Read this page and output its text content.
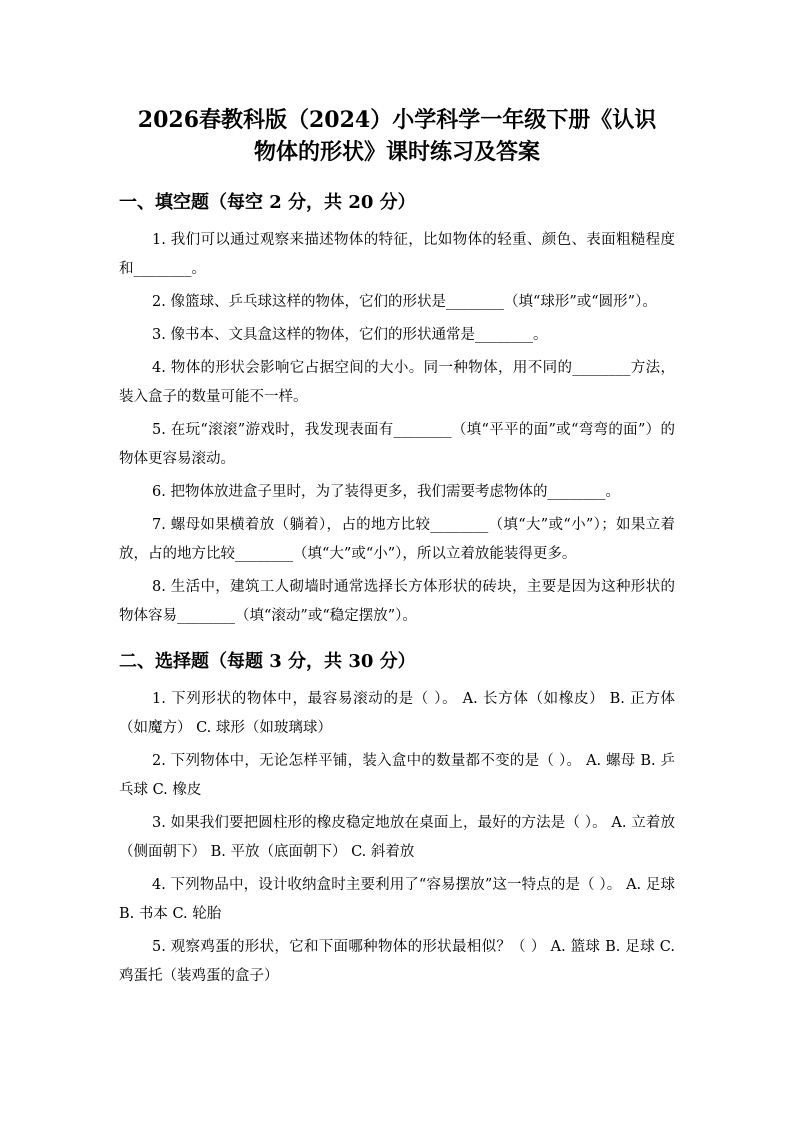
2026春教科版（2024）小学科学一年级下册《认识
物体的形状》课时练习及答案
一、填空题（每空 2 分，共 20 分）

1. 我们可以通过观察来描述物体的特征，比如物体的轻重、颜色、表面粗糙程度和________。

2. 像篮球、乒乓球这样的物体，它们的形状是________（填“球形”或“圆形”）。

3. 像书本、文具盒这样的物体，它们的形状通常是________。

4. 物体的形状会影响它占据空间的大小。同一种物体，用不同的________方法，装入盒子的数量可能不一样。

5. 在玩“滚滚”游戏时，我发现表面有________（填“平平的面”或“弯弯的面”）的物体更容易滚动。

6. 把物体放进盒子里时，为了装得更多，我们需要考虑物体的________。

7. 螺母如果横着放（躺着），占的地方比较________（填“大”或“小”）；如果立着放，占的地方比较________（填“大”或“小”），所以立着放能装得更多。

8. 生活中，建筑工人砌墙时通常选择长方体形状的砖块，主要是因为这种形状的物体容易________（填“滚动”或“稳定摆放”）。

二、选择题（每题 3 分，共 30 分）

1. 下列形状的物体中，最容易滚动的是（ ）。 A. 长方体（如橡皮） B. 正方体（如魔方） C. 球形（如玻璃球）

2. 下列物体中，无论怎样平铺，装入盒中的数量都不变的是（ ）。 A. 螺母 B. 乒乓球 C. 橡皮

3. 如果我们要把圆柱形的橡皮稳定地放在桌面上，最好的方法是（ ）。 A. 立着放（侧面朝下） B. 平放（底面朝下） C. 斜着放

4. 下列物品中，设计收纳盒时主要利用了“容易摆放”这一特点的是（ ）。 A. 足球 B. 书本 C. 轮胎

5. 观察鸡蛋的形状，它和下面哪种物体的形状最相似？（ ） A. 篮球 B. 足球 C. 鸡蛋托（装鸡蛋的盒子）
